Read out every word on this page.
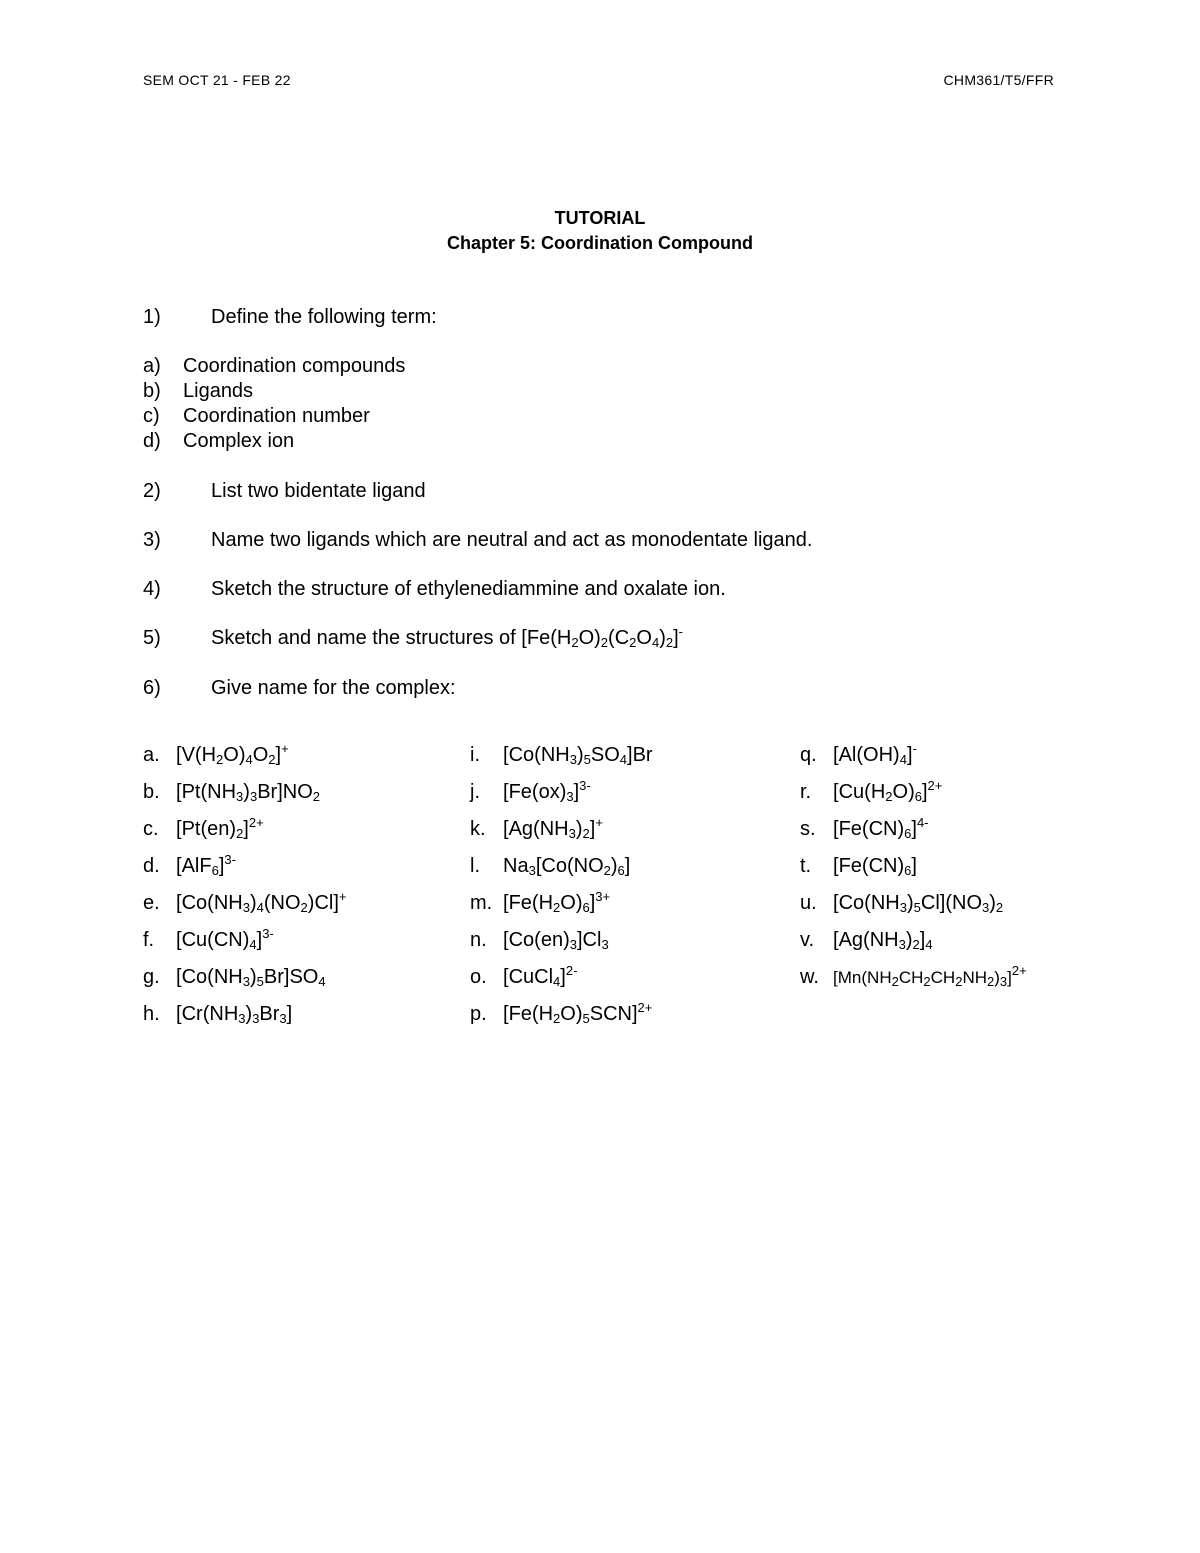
SEM OCT 21 - FEB 22	CHM361/T5/FFR
TUTORIAL
Chapter 5: Coordination Compound
1)	Define the following term:
a) Coordination compounds
b) Ligands
c) Coordination number
d) Complex ion
2)	List two bidentate ligand
3)	Name two ligands which are neutral and act as monodentate ligand.
4)	Sketch the structure of ethylenediammine and oxalate ion.
5)	Sketch and name the structures of $[Fe(H_2O)_2(C_2O_4)_2]^-$
6)	Give name for the complex:
a. $[V(H_2O)_4O_2]^+$
b. $[Pt(NH_3)_3Br]NO_2$
c. $[Pt(en)_2]^{2+}$
d. $[AlF_6]^{3-}$
e. $[Co(NH_3)_4(NO_2)Cl]^+$
f. $[Cu(CN)_4]^{3-}$
g. $[Co(NH_3)_5Br]SO_4$
h. $[Cr(NH_3)_3Br_3]$
i. $[Co(NH_3)_5SO_4]Br$
j. $[Fe(ox)_3]^{3-}$
k. $[Ag(NH_3)_2]^+$
l. $Na_3[Co(NO_2)_6]$
m. $[Fe(H_2O)_6]^{3+}$
n. $[Co(en)_3]Cl_3$
o. [CuCl$_4$]$^{2-}$
p. $[Fe(H_2O)_5SCN]^{2+}$
q. $[Al(OH)_4]^-$
r. $[Cu(H_2O)_6]^{2+}$
s. $[Fe(CN)_6]^{4-}$
t. $[Fe(CN)_6]$
u. $[Co(NH_3)_5Cl](NO_3)_2$
v. $[Ag(NH_3)_2]_4$
w. $[Mn(NH_2CH_2CH_2NH_2)_3]^{2+}$
